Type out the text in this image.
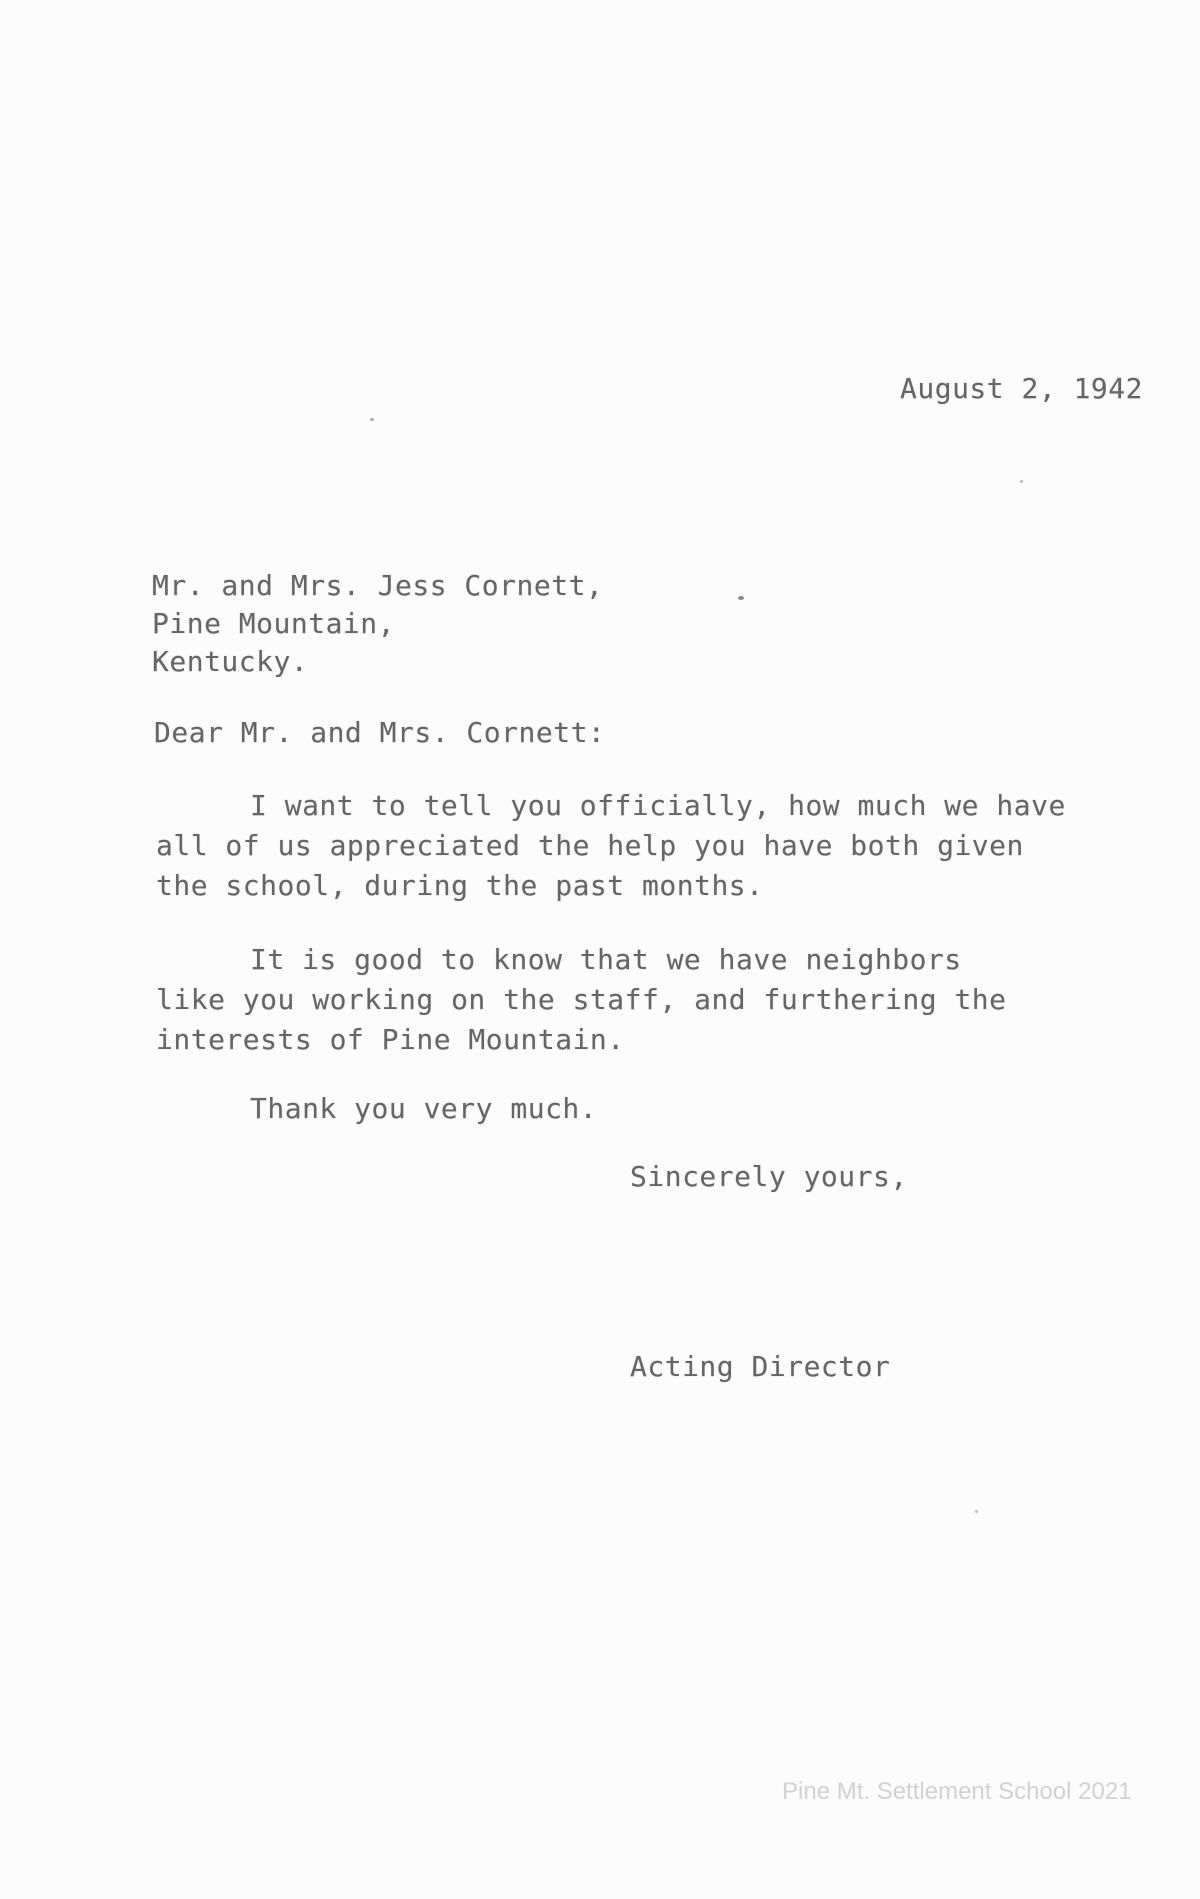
August 2, 1942
Mr. and Mrs. Jess Cornett,
Pine Mountain,
Kentucky.
Dear Mr. and Mrs. Cornett:
I want to tell you officially, how much we have
all of us appreciated the help you have both given
the school, during the past months.
It is good to know that we have neighbors
like you working on the staff, and furthering the
interests of Pine Mountain.
Thank you very much.
Sincerely yours,
Acting Director
Pine Mt. Settlement School 2021
